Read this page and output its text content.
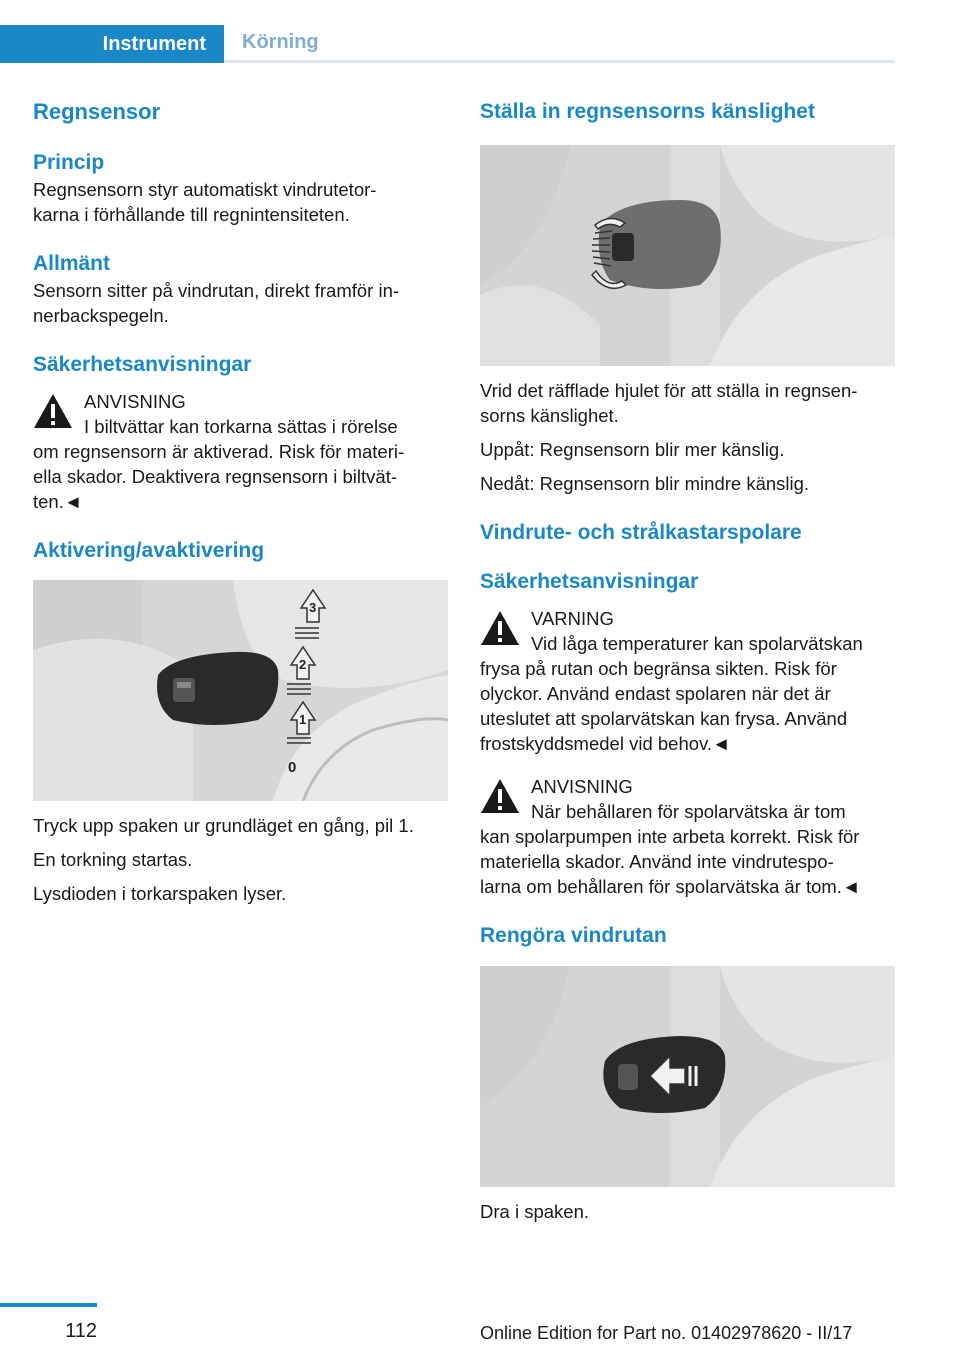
Instrument	Körning
Regnsensor
Princip
Regnsensorn styr automatiskt vindrutetor-
karna i förhållande till regnintensiteten.
Allmänt
Sensorn sitter på vindrutan, direkt framför in-
nerbackspegeln.
Säkerhetsanvisningar
ANVISNING
I biltvättar kan torkarna sättas i rörelse
om regnsensorn är aktiverad. Risk för materi-
ella skador. Deaktivera regnsensorn i biltvät-
ten.◄
Aktivering/avaktivering
3
2
1
0
Tryck upp spaken ur grundläget en gång, pil 1.
En torkning startas.
Lysdioden i torkarspaken lyser.
Ställa in regnsensorns känslighet
Vrid det räfflade hjulet för att ställa in regnsen-
sorns känslighet.
Uppåt: Regnsensorn blir mer känslig.
Nedåt: Regnsensorn blir mindre känslig.
Vindrute- och strålkastarspolare
Säkerhetsanvisningar
VARNING
Vid låga temperaturer kan spolarvätskan
frysa på rutan och begränsa sikten. Risk för
olyckor. Använd endast spolaren när det är
uteslutet att spolarvätskan kan frysa. Använd
frostskyddsmedel vid behov.◄
ANVISNING
När behållaren för spolarvätska är tom
kan spolarpumpen inte arbeta korrekt. Risk för
materiella skador. Använd inte vindrutespo-
larna om behållaren för spolarvätska är tom.◄
Rengöra vindrutan
Dra i spaken.
112	Online Edition for Part no. 01402978620 - II/17
